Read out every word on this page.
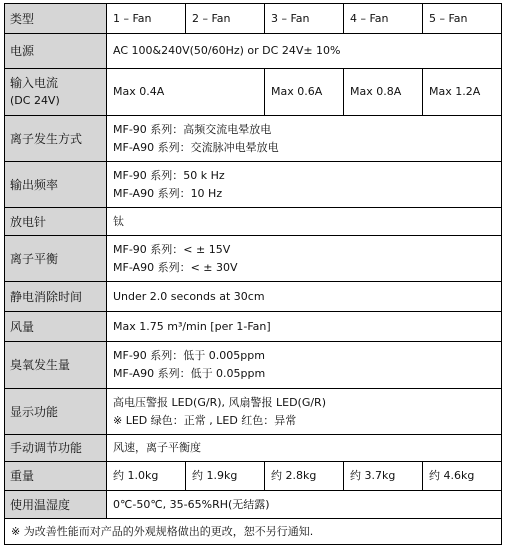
类型	1 – Fan	2 – Fan	3 – Fan	4 – Fan	5 – Fan
电源	AC 100&240V(50/60Hz) or DC 24V± 10%				

输入电流
(DC 24V)	Max 0.4A		Max 0.6A	Max 0.8A	Max 1.2A
离子发生方式	MF-90 系列：高频交流电晕放电
MF-A90 系列：交流脉冲电晕放电				

输出频率	MF-90 系列：50 k Hz
MF-A90 系列：10 Hz				

放电针	钛				
离子平衡	MF-90 系列：< ± 15V
MF-A90 系列：< ± 30V				

静电消除时间	Under 2.0 seconds at 30cm				
风量	Max 1.75 m³/min [per 1-Fan]				
臭氧发生量	MF-90 系列：低于 0.005ppm
MF-A90 系列：低于 0.05ppm				

显示功能	高电压警报 LED(G/R), 风扇警报 LED(G/R)
※ LED 绿色：正常 , LED 红色：异常				

手动调节功能	风速，离子平衡度				
重量	约 1.0kg	约 1.9kg	约 2.8kg	约 3.7kg	约 4.6kg
使用温湿度	0℃-50℃, 35-65%RH(无结露)				
※ 为改善性能而对产品的外观规格做出的更改，恕不另行通知.					
